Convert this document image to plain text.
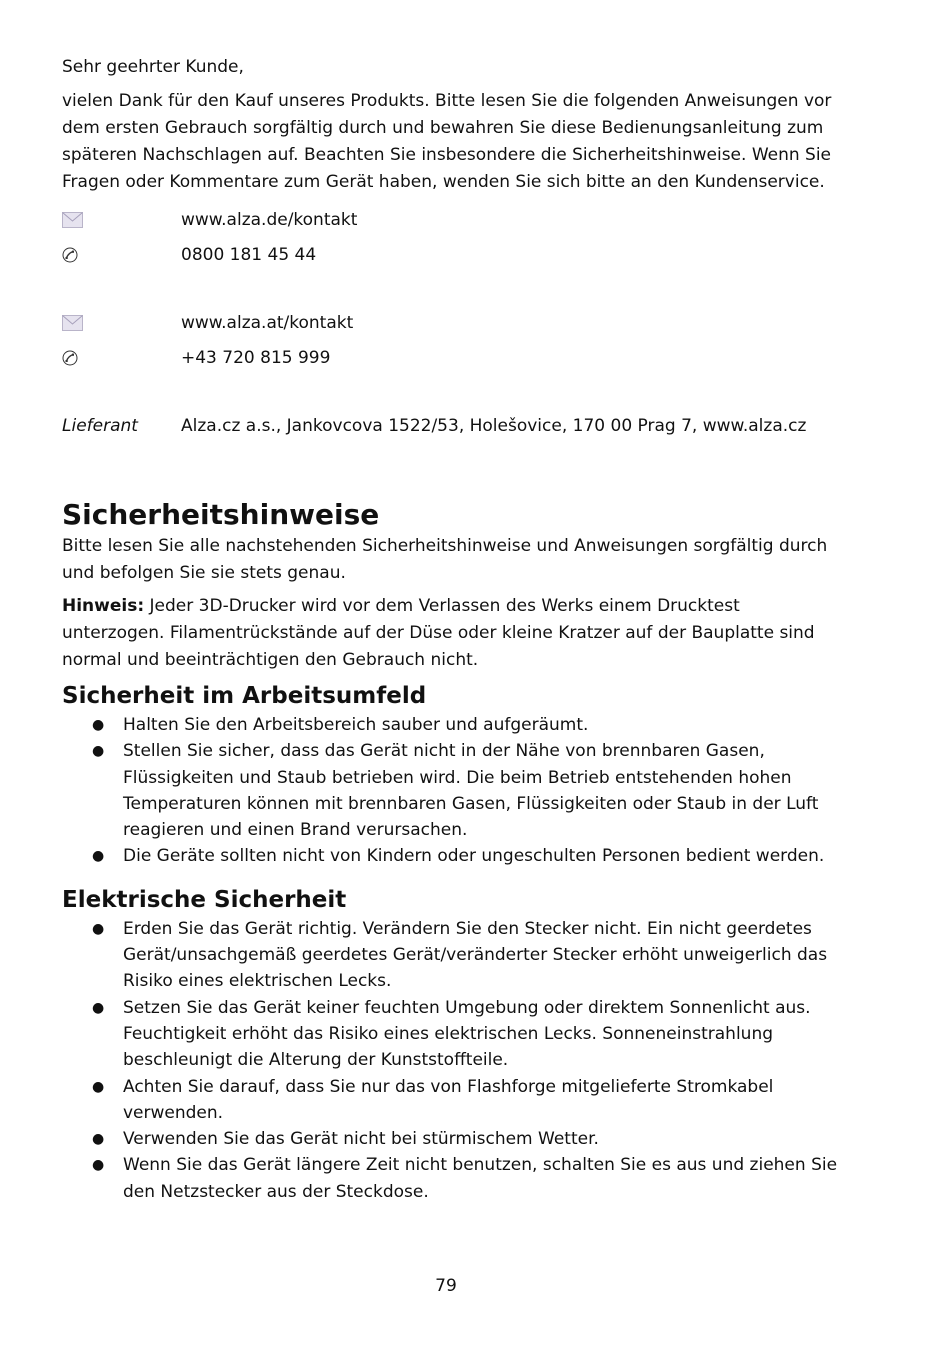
Sehr geehrter Kunde,

vielen Dank für den Kauf unseres Produkts. Bitte lesen Sie die folgenden Anweisungen vor dem ersten Gebrauch sorgfältig durch und bewahren Sie diese Bedienungsanleitung zum späteren Nachschlagen auf. Beachten Sie insbesondere die Sicherheitshinweise. Wenn Sie Fragen oder Kommentare zum Gerät haben, wenden Sie sich bitte an den Kundenservice.

www.alza.de/kontakt
0800 181 45 44
www.alza.at/kontakt
+43 720 815 999
Lieferant	Alza.cz a.s., Jankovcova 1522/53, Holešovice, 170 00 Prag 7, www.alza.cz
Sicherheitshinweise

Bitte lesen Sie alle nachstehenden Sicherheitshinweise und Anweisungen sorgfältig durch und befolgen Sie sie stets genau.

Hinweis: Jeder 3D-Drucker wird vor dem Verlassen des Werks einem Drucktest unterzogen. Filamentrückstände auf der Düse oder kleine Kratzer auf der Bauplatte sind normal und beeinträchtigen den Gebrauch nicht.

Sicherheit im Arbeitsumfeld
● Halten Sie den Arbeitsbereich sauber und aufgeräumt.
● Stellen Sie sicher, dass das Gerät nicht in der Nähe von brennbaren Gasen, Flüssigkeiten und Staub betrieben wird. Die beim Betrieb entstehenden hohen Temperaturen können mit brennbaren Gasen, Flüssigkeiten oder Staub in der Luft reagieren und einen Brand verursachen.
● Die Geräte sollten nicht von Kindern oder ungeschulten Personen bedient werden.
Elektrische Sicherheit
● Erden Sie das Gerät richtig. Verändern Sie den Stecker nicht. Ein nicht geerdetes Gerät/unsachgemäß geerdetes Gerät/veränderter Stecker erhöht unweigerlich das Risiko eines elektrischen Lecks.
● Setzen Sie das Gerät keiner feuchten Umgebung oder direktem Sonnenlicht aus. Feuchtigkeit erhöht das Risiko eines elektrischen Lecks. Sonneneinstrahlung beschleunigt die Alterung der Kunststoffteile.
● Achten Sie darauf, dass Sie nur das von Flashforge mitgelieferte Stromkabel verwenden.
● Verwenden Sie das Gerät nicht bei stürmischem Wetter.
● Wenn Sie das Gerät längere Zeit nicht benutzen, schalten Sie es aus und ziehen Sie den Netzstecker aus der Steckdose.
79
